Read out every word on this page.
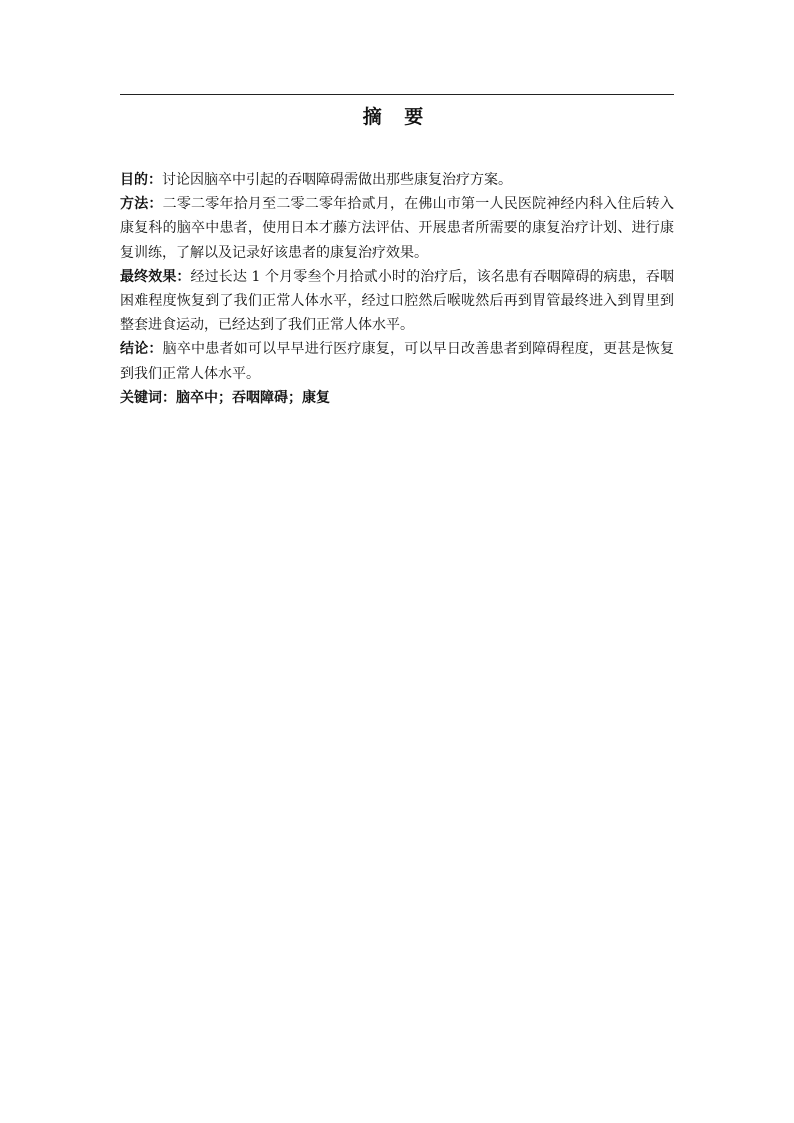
摘 要

目的：讨论因脑卒中引起的吞咽障碍需做出那些康复治疗方案。

方法：二零二零年拾月至二零二零年拾贰月，在佛山市第一人民医院神经内科入住后转入康复科的脑卒中患者，使用日本才藤方法评估、开展患者所需要的康复治疗计划、进行康复训练，了解以及记录好该患者的康复治疗效果。

最终效果：经过长达 1 个月零叁个月拾贰小时的治疗后，该名患有吞咽障碍的病患，吞咽困难程度恢复到了我们正常人体水平，经过口腔然后喉咙然后再到胃管最终进入到胃里到整套进食运动，已经达到了我们正常人体水平。

结论：脑卒中患者如可以早早进行医疗康复，可以早日改善患者到障碍程度，更甚是恢复到我们正常人体水平。

关键词：脑卒中；吞咽障碍；康复
